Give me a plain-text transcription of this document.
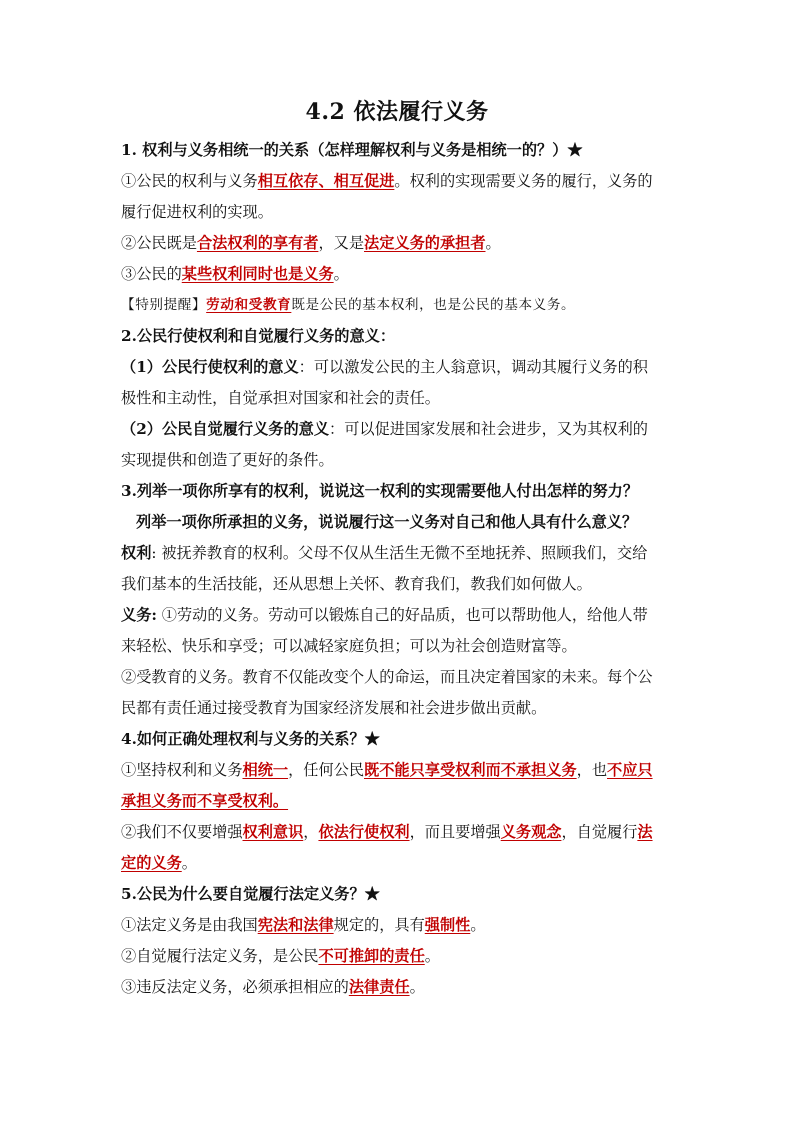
4.2 依法履行义务
1. 权利与义务相统一的关系（怎样理解权利与义务是相统一的？）★
①公民的权利与义务相互依存、相互促进。权利的实现需要义务的履行，义务的
履行促进权利的实现。
②公民既是合法权利的享有者，又是法定义务的承担者。
③公民的某些权利同时也是义务。
【特别提醒】劳动和受教育既是公民的基本权利，也是公民的基本义务。
2.公民行使权利和自觉履行义务的意义：
（1）公民行使权利的意义：可以激发公民的主人翁意识，调动其履行义务的积
极性和主动性，自觉承担对国家和社会的责任。
（2）公民自觉履行义务的意义：可以促进国家发展和社会进步，又为其权利的
实现提供和创造了更好的条件。
3.列举一项你所享有的权利，说说这一权利的实现需要他人付出怎样的努力？
列举一项你所承担的义务，说说履行这一义务对自己和他人具有什么意义？
权利: 被抚养教育的权利。父母不仅从生活生无微不至地抚养、照顾我们，交给
我们基本的生活技能，还从思想上关怀、教育我们，教我们如何做人。
义务: ①劳动的义务。劳动可以锻炼自己的好品质，也可以帮助他人，给他人带
来轻松、快乐和享受；可以减轻家庭负担；可以为社会创造财富等。
②受教育的义务。教育不仅能改变个人的命运，而且决定着国家的未来。每个公
民都有责任通过接受教育为国家经济发展和社会进步做出贡献。
4.如何正确处理权利与义务的关系？★
①坚持权利和义务相统一，任何公民既不能只享受权利而不承担义务，也不应只
承担义务而不享受权利。
②我们不仅要增强权利意识，依法行使权利，而且要增强义务观念，自觉履行法
定的义务。
5.公民为什么要自觉履行法定义务？★
①法定义务是由我国宪法和法律规定的，具有强制性。
②自觉履行法定义务，是公民不可推卸的责任。
③违反法定义务，必须承担相应的法律责任。
